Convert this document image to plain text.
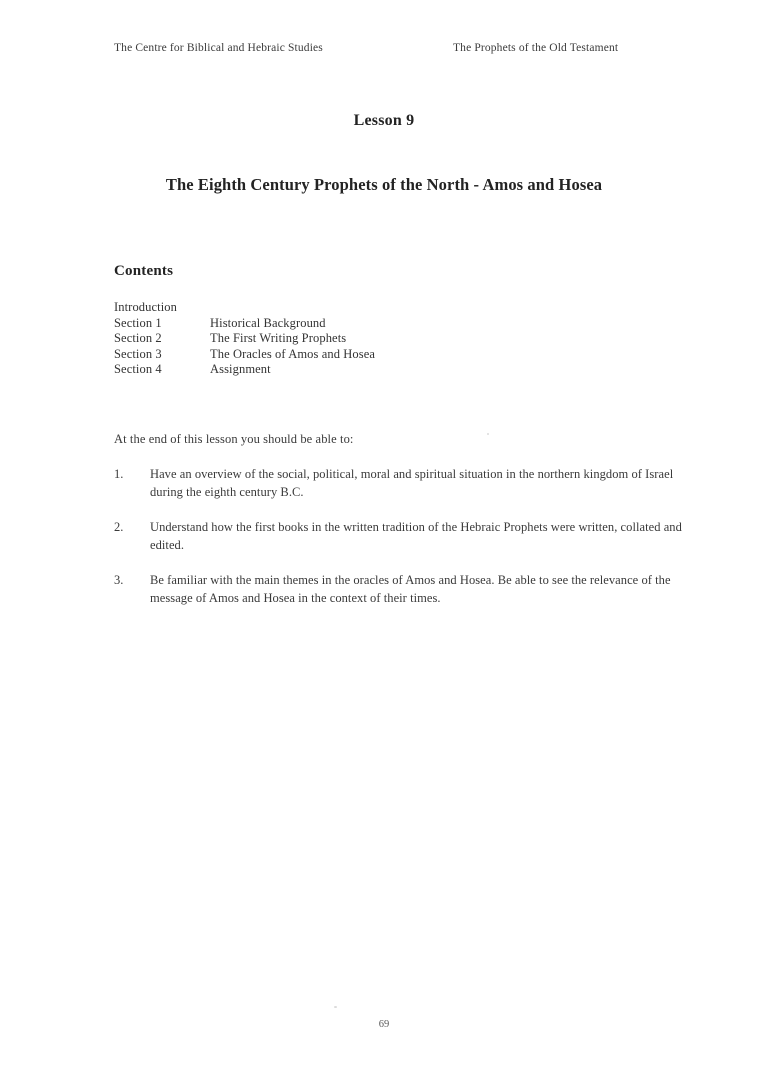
The Centre for Biblical and Hebraic Studies	The Prophets of the Old Testament
Lesson 9
The Eighth Century Prophets of the North - Amos and Hosea
Contents
Introduction
Section 1	Historical Background
Section 2	The First Writing Prophets
Section 3	The Oracles of Amos and Hosea
Section 4	Assignment
At the end of this lesson you should be able to:
1. Have an overview of the social, political, moral and spiritual situation in the northern kingdom of Israel during the eighth century B.C.
2. Understand how the first books in the written tradition of the Hebraic Prophets were written, collated and edited.
3. Be familiar with the main themes in the oracles of Amos and Hosea. Be able to see the relevance of the message of Amos and Hosea in the context of their times.
69
